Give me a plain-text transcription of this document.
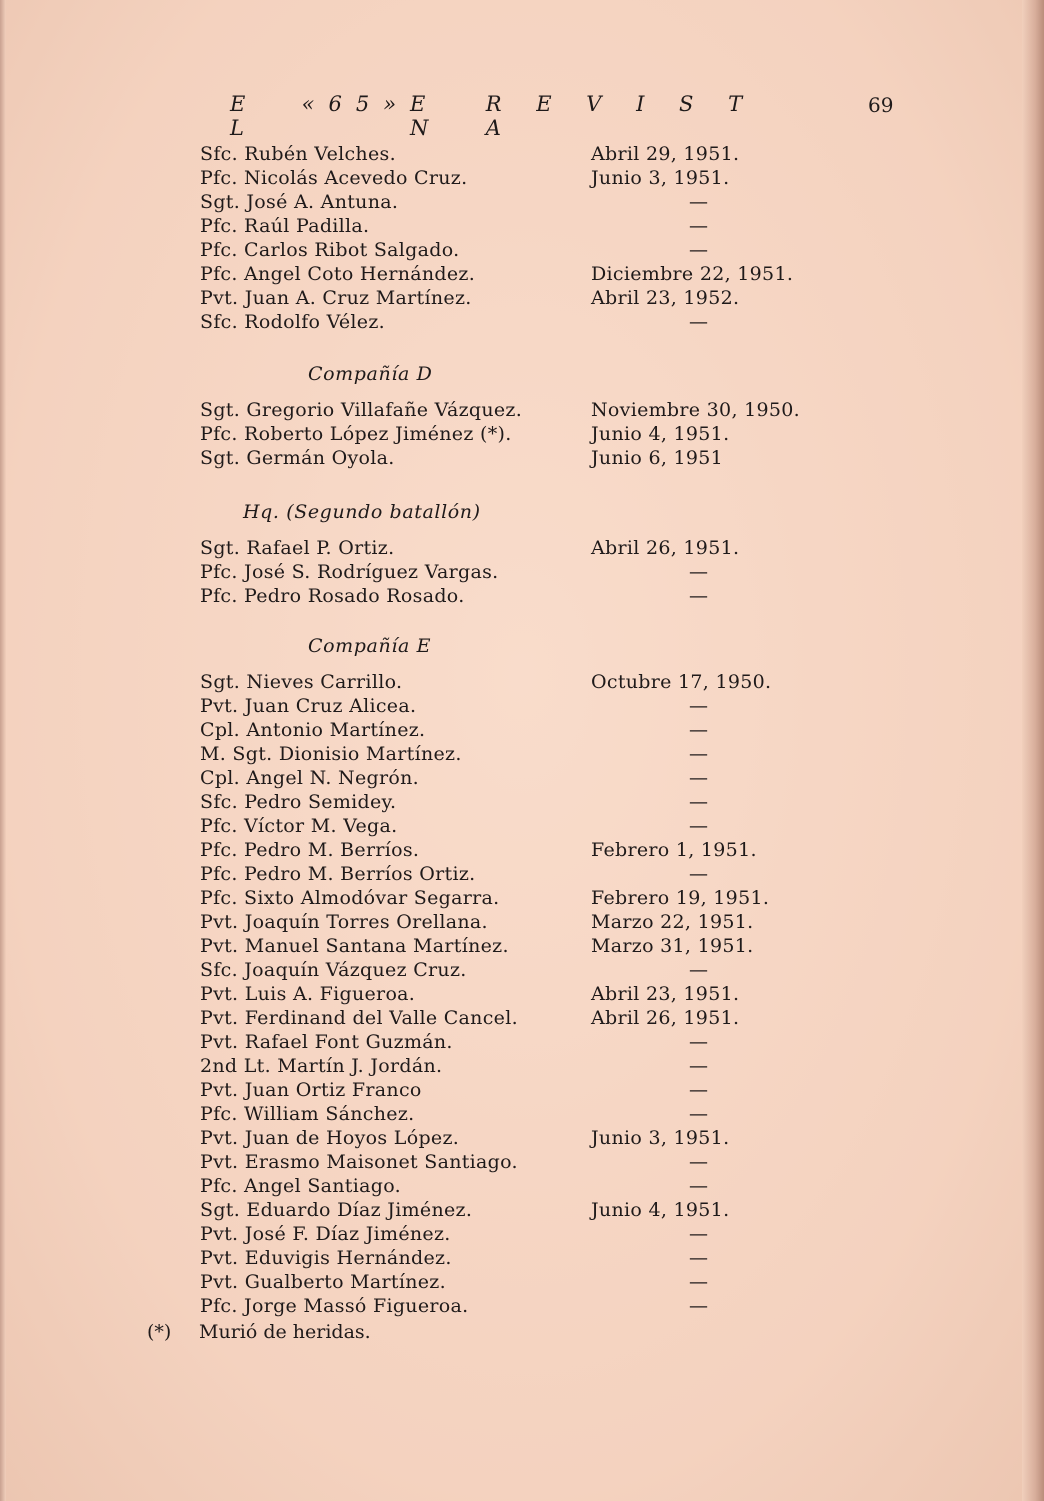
E L
«65» E N
R E V I S T A
69
Sfc. Rubén Velches.	Abril 29, 1951.
Pfc. Nicolás Acevedo Cruz.	Junio 3, 1951.
Sgt. José A. Antuna.	—
Pfc. Raúl Padilla.	—
Pfc. Carlos Ribot Salgado.	—
Pfc. Angel Coto Hernández.	Diciembre 22, 1951.
Pvt. Juan A. Cruz Martínez.	Abril 23, 1952.
Sfc. Rodolfo Vélez.	—
Compañía D
Sgt. Gregorio Villafañe Vázquez.	Noviembre 30, 1950.
Pfc. Roberto López Jiménez (*).	Junio 4, 1951.
Sgt. Germán Oyola.	Junio 6, 1951
Hq. (Segundo batallón)
Sgt. Rafael P. Ortiz.	Abril 26, 1951.
Pfc. José S. Rodríguez Vargas.	—
Pfc. Pedro Rosado Rosado.	—
Compañía E
Sgt. Nieves Carrillo.	Octubre 17, 1950.
Pvt. Juan Cruz Alicea.	—
Cpl. Antonio Martínez.	—
M. Sgt. Dionisio Martínez.	—
Cpl. Angel N. Negrón.	—
Sfc. Pedro Semidey.	—
Pfc. Víctor M. Vega.	—
Pfc. Pedro M. Berríos.	Febrero 1, 1951.
Pfc. Pedro M. Berríos Ortiz.	—
Pfc. Sixto Almodóvar Segarra.	Febrero 19, 1951.
Pvt. Joaquín Torres Orellana.	Marzo 22, 1951.
Pvt. Manuel Santana Martínez.	Marzo 31, 1951.
Sfc. Joaquín Vázquez Cruz.	—
Pvt. Luis A. Figueroa.	Abril 23, 1951.
Pvt. Ferdinand del Valle Cancel.	Abril 26, 1951.
Pvt. Rafael Font Guzmán.	—
2nd Lt. Martín J. Jordán.	—
Pvt. Juan Ortiz Franco	—
Pfc. William Sánchez.	—
Pvt. Juan de Hoyos López.	Junio 3, 1951.
Pvt. Erasmo Maisonet Santiago.	—
Pfc. Angel Santiago.	—
Sgt. Eduardo Díaz Jiménez.	Junio 4, 1951.
Pvt. José F. Díaz Jiménez.	—
Pvt. Eduvigis Hernández.	—
Pvt. Gualberto Martínez.	—
Pfc. Jorge Massó Figueroa.	—
(*) Murió de heridas.
